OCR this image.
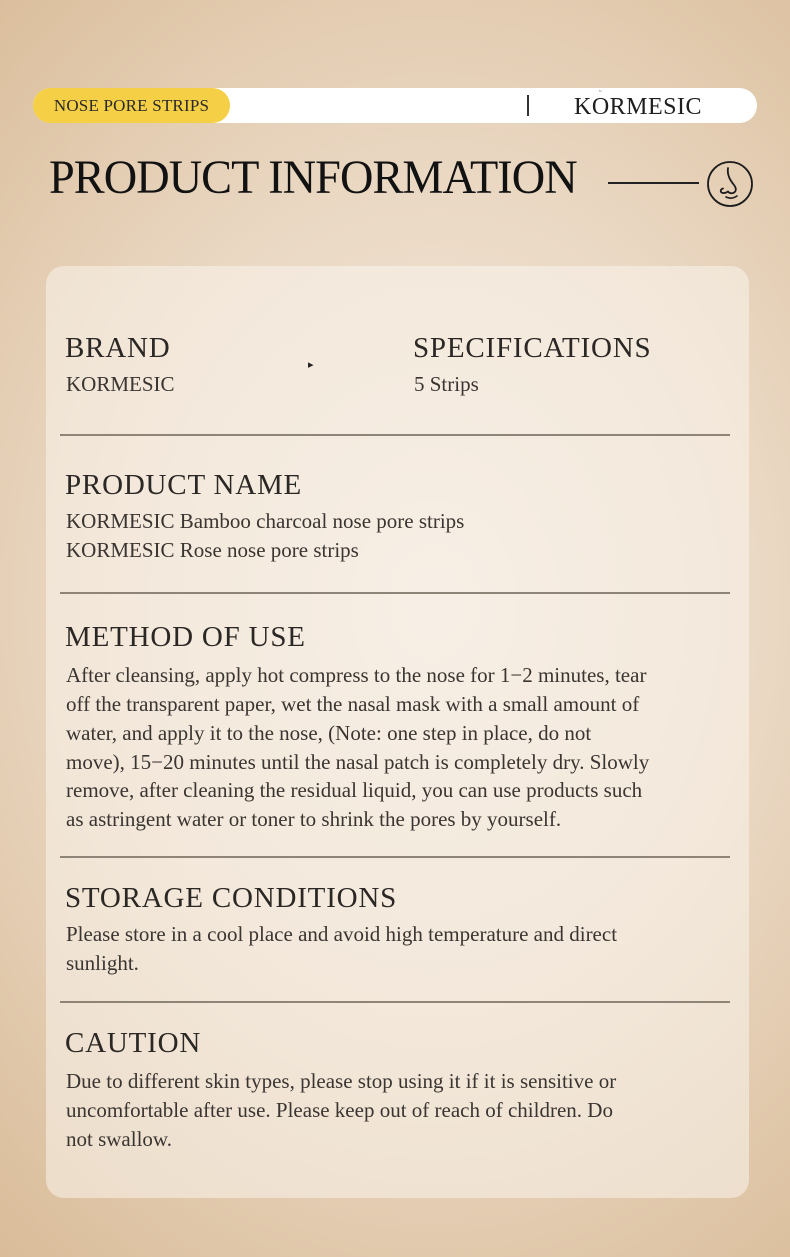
NOSE PORE STRIPS	KORMESIC
ᵕ
PRODUCT INFORMATION
BRAND

KORMESIC

▸
SPECIFICATIONS

5 Strips

PRODUCT NAME

KORMESIC Bamboo charcoal nose pore strips

KORMESIC Rose nose pore strips

METHOD OF USE

After cleansing, apply hot compress to the nose for 1−2 minutes, tear

off the transparent paper, wet the nasal mask with a small amount of

water, and apply it to the nose, (Note: one step in place, do not

move), 15−20 minutes until the nasal patch is completely dry. Slowly

remove, after cleaning the residual liquid, you can use products such

as astringent water or toner to shrink the pores by yourself.

STORAGE CONDITIONS

Please store in a cool place and avoid high temperature and direct

sunlight.

CAUTION

Due to different skin types, please stop using it if it is sensitive or

uncomfortable after use. Please keep out of reach of children. Do

not swallow.
